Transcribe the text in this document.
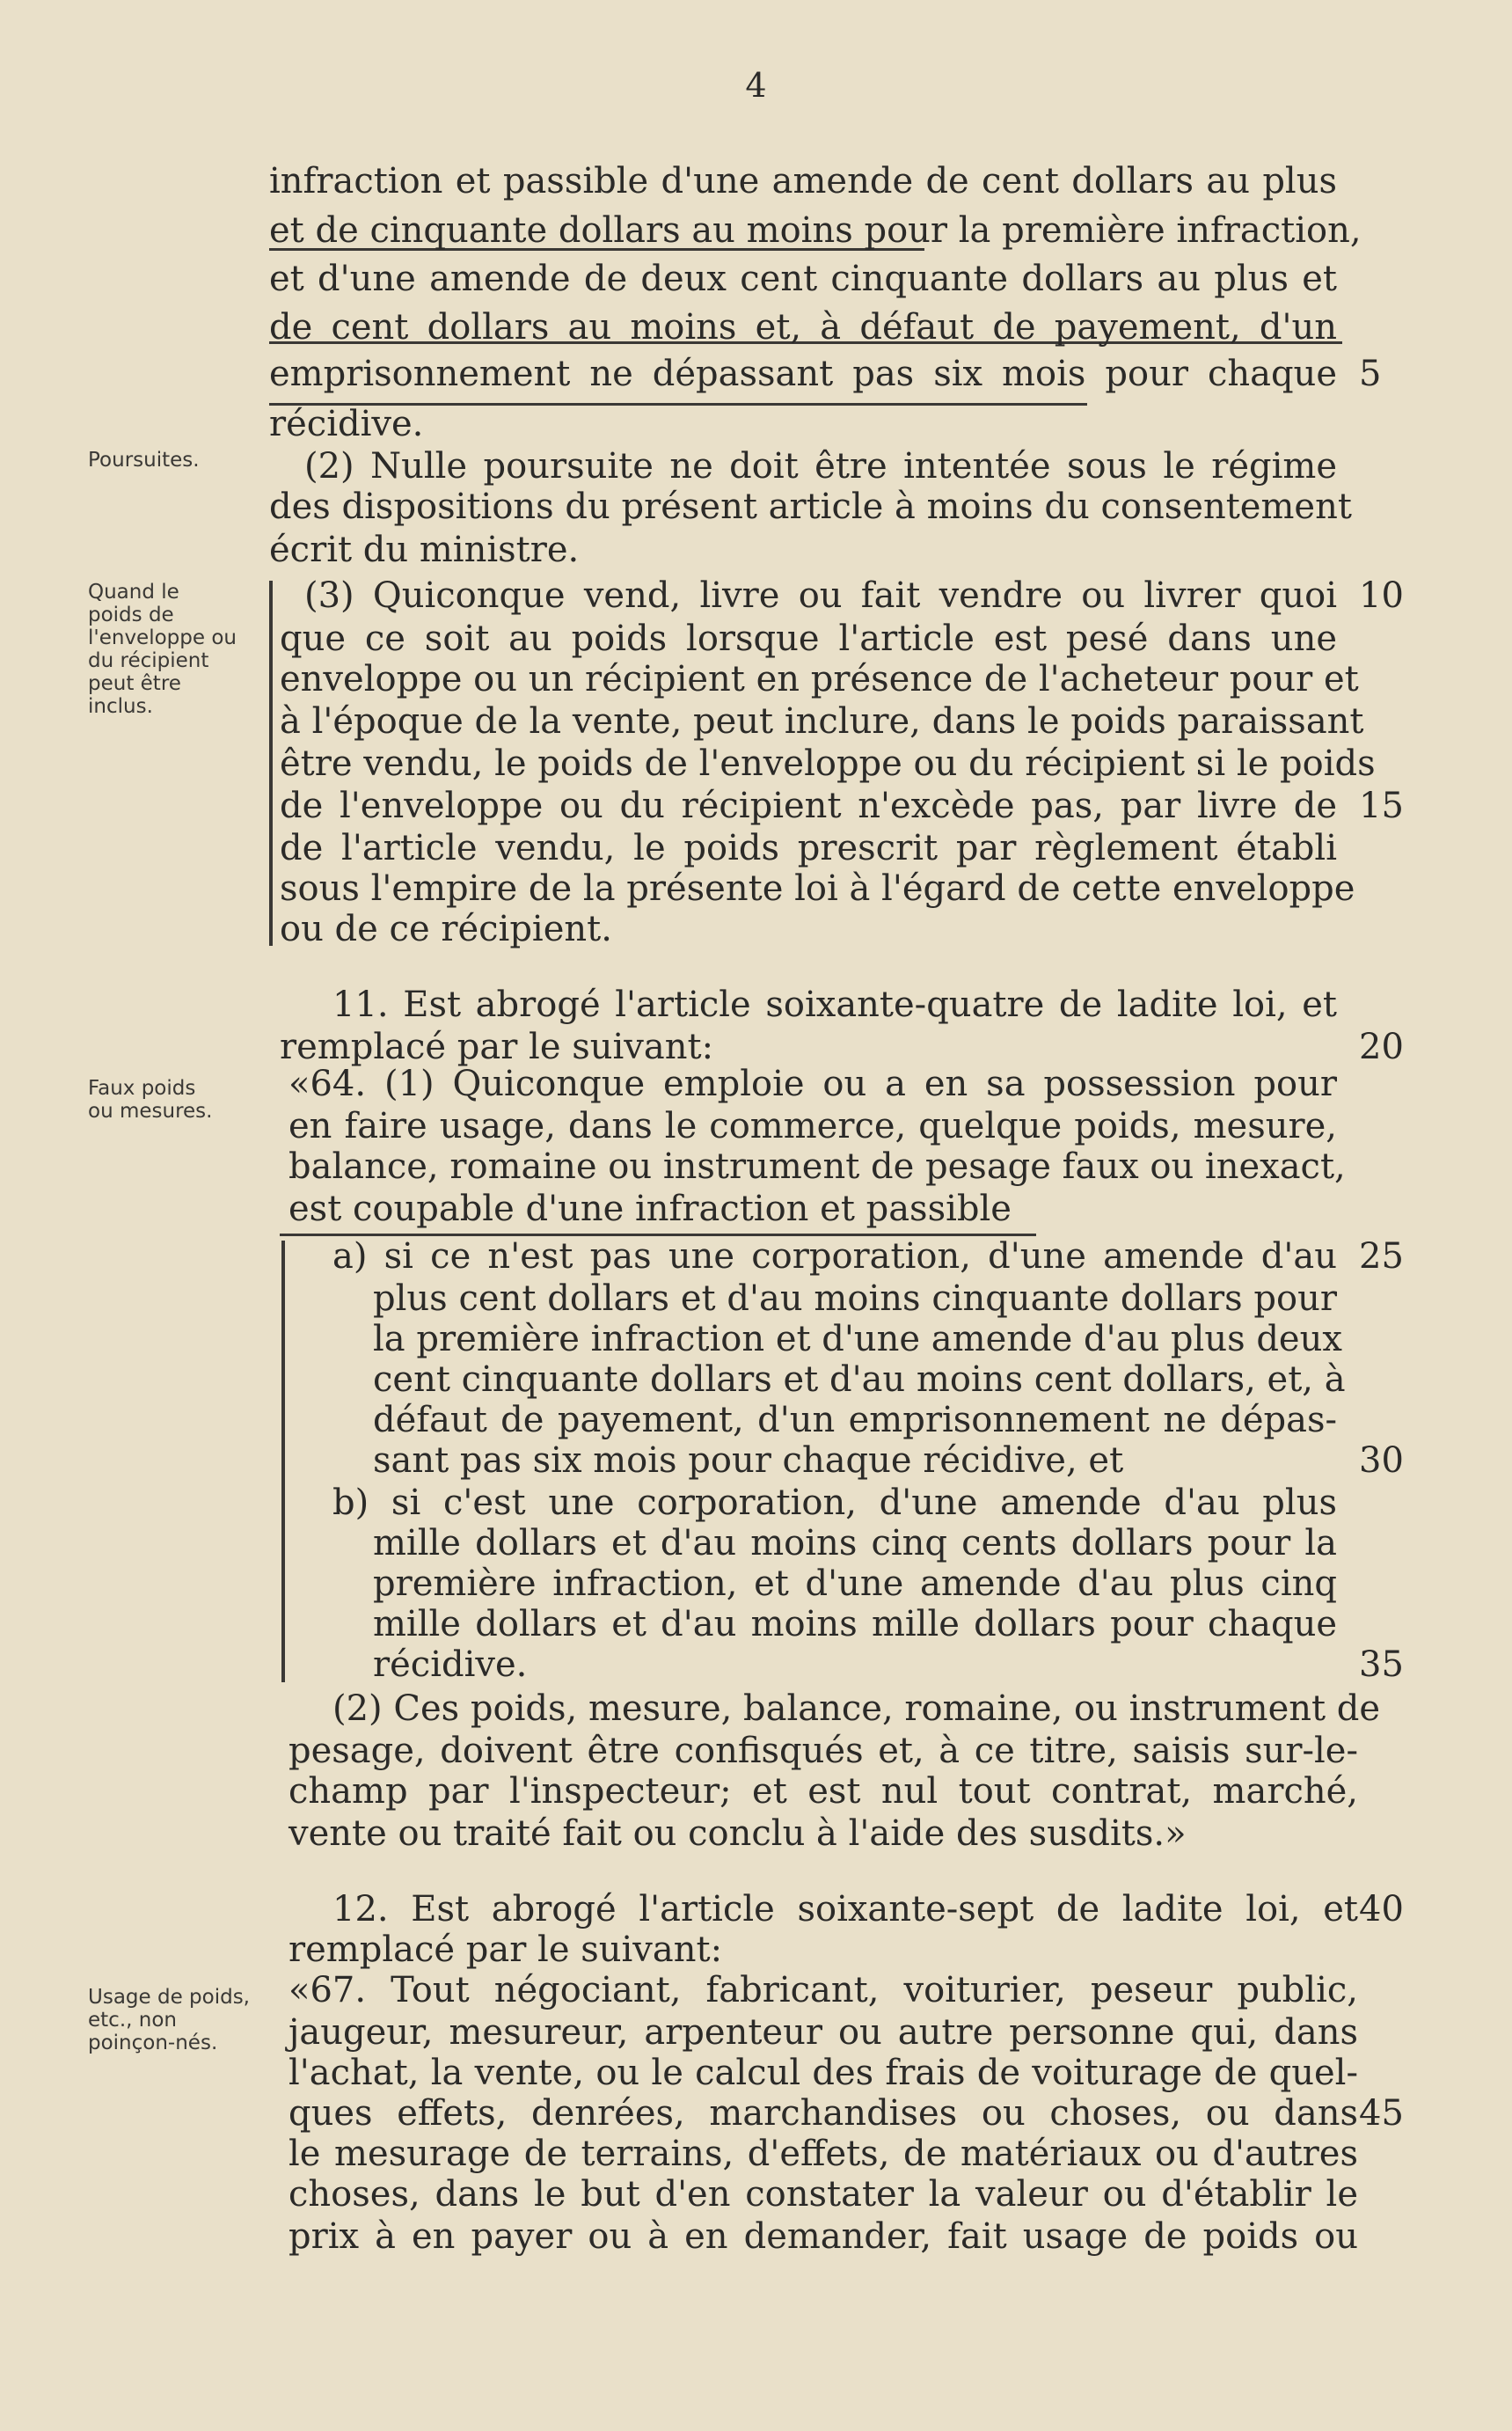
4
Poursuites.
Quand le poids de l'enveloppe ou du récipient peut être inclus.
Faux poids ou mesures.
Usage de poids, etc., non poinçon-nés.
infraction et passible d'une amende de cent dollars au plus
et de cinquante dollars au moins pour la première infraction,
et d'une amende de deux cent cinquante dollars au plus et
de cent dollars au moins et, à défaut de payement, d'un
emprisonnement ne dépassant pas six mois pour chaque
récidive.
(2) Nulle poursuite ne doit être intentée sous le régime
des dispositions du présent article à moins du consentement
écrit du ministre.
(3) Quiconque vend, livre ou fait vendre ou livrer quoi
que ce soit au poids lorsque l'article est pesé dans une
enveloppe ou un récipient en présence de l'acheteur pour et
à l'époque de la vente, peut inclure, dans le poids paraissant
être vendu, le poids de l'enveloppe ou du récipient si le poids
de l'enveloppe ou du récipient n'excède pas, par livre de
de l'article vendu, le poids prescrit par règlement établi
sous l'empire de la présente loi à l'égard de cette enveloppe
ou de ce récipient.
11. Est abrogé l'article soixante-quatre de ladite loi, et
remplacé par le suivant:
«64. (1) Quiconque emploie ou a en sa possession pour
en faire usage, dans le commerce, quelque poids, mesure,
balance, romaine ou instrument de pesage faux ou inexact,
est coupable d'une infraction et passible
a) si ce n'est pas une corporation, d'une amende d'au
plus cent dollars et d'au moins cinquante dollars pour
la première infraction et d'une amende d'au plus deux
cent cinquante dollars et d'au moins cent dollars, et, à
défaut de payement, d'un emprisonnement ne dépas-
sant pas six mois pour chaque récidive, et
b) si c'est une corporation, d'une amende d'au plus
mille dollars et d'au moins cinq cents dollars pour la
première infraction, et d'une amende d'au plus cinq
mille dollars et d'au moins mille dollars pour chaque
récidive.
(2) Ces poids, mesure, balance, romaine, ou instrument de
pesage, doivent être confisqués et, à ce titre, saisis sur-le-
champ par l'inspecteur; et est nul tout contrat, marché,
vente ou traité fait ou conclu à l'aide des susdits.»
12. Est abrogé l'article soixante-sept de ladite loi, et
remplacé par le suivant:
«67. Tout négociant, fabricant, voiturier, peseur public,
jaugeur, mesureur, arpenteur ou autre personne qui, dans
l'achat, la vente, ou le calcul des frais de voiturage de quel-
ques effets, denrées, marchandises ou choses, ou dans
le mesurage de terrains, d'effets, de matériaux ou d'autres
choses, dans le but d'en constater la valeur ou d'établir le
prix à en payer ou à en demander, fait usage de poids ou
5
10
15
20
25
30
35
40
45
